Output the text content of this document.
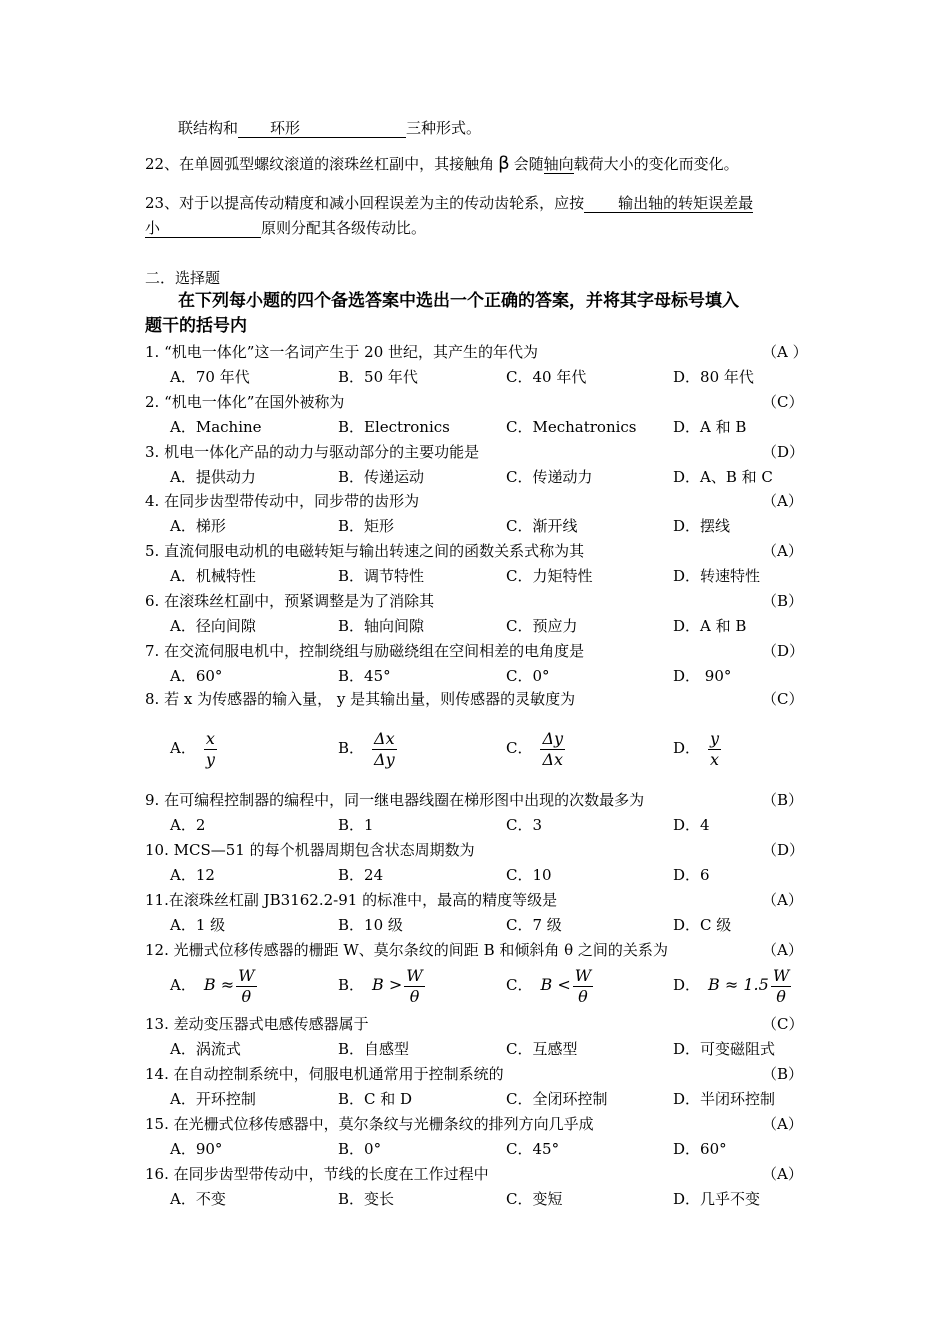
联结构和 环形	三种形式。
22、在单圆弧型螺纹滚道的滚珠丝杠副中，其接触角 β 会随轴向载荷大小的变化而变化。
23、对于以提高传动精度和减小回程误差为主的传动齿轮系，应按 输出轴的转矩误差最
小	原则分配其各级传动比。
二．选择题
在下列每小题的四个备选答案中选出一个正确的答案，并将其字母标号填入
题干的括号内
1. “机电一体化”这一名词产生于 20 世纪，其产生的年代为	（A ）
A．70 年代	B．50 年代	C．40 年代	D．80 年代
2. “机电一体化”在国外被称为	（C）
A．Machine	B．Electronics	C．Mechatronics D．A 和 B
3. 机电一体化产品的动力与驱动部分的主要功能是	（D）
A．提供动力	B．传递运动	C．传递动力	D．A、B 和 C
4. 在同步齿型带传动中，同步带的齿形为	（A）
A．梯形	B．矩形	C．渐开线	D．摆线
5. 直流伺服电动机的电磁转矩与输出转速之间的函数关系式称为其	（A）
A．机械特性	B．调节特性	C．力矩特性	D．转速特性
6. 在滚珠丝杠副中，预紧调整是为了消除其	（B）
A．径向间隙	B．轴向间隙	C．预应力	D．A 和 B
7. 在交流伺服电机中，控制绕组与励磁绕组在空间相差的电角度是	（D）
A．60°	B．45°	C．0°	D． 90°
8. 若 x 为传感器的输入量， y 是其输出量，则传感器的灵敏度为	（C）
A． $\frac{x}{y}$	B． $\frac{\Delta x}{\Delta y}$	C． $\frac{\Delta y}{\Delta x}$	D． $\frac{y}{x}$
9. 在可编程控制器的编程中，同一继电器线圈在梯形图中出现的次数最多为	（B）
A．2	B．1	C．3	D．4
10. MCS—51 的每个机器周期包含状态周期数为	（D）
A．12	B．24	C．10	D．6
11.在滚珠丝杠副 JB3162.2-91 的标准中，最高的精度等级是	（A）
A．1 级	B．10 级	C．7 级	D．C 级
12. 光栅式位移传感器的栅距 W、莫尔条纹的间距 B 和倾斜角 θ 之间的关系为	（A）
A． $B \approx \frac{W}{\theta}$	B． $B > \frac{W}{\theta}$	C． $B < \frac{W}{\theta}$	D． $B \approx 1.5 \frac{W}{\theta}$
13. 差动变压器式电感传感器属于	（C）
A．涡流式	B．自感型	C．互感型	D．可变磁阻式
14. 在自动控制系统中，伺服电机通常用于控制系统的	（B）
A．开环控制	B．C 和 D	C．全闭环控制	D．半闭环控制
15. 在光栅式位移传感器中，莫尔条纹与光栅条纹的排列方向几乎成	（A）
A．90°	B．0°	C．45°	D．60°
16. 在同步齿型带传动中，节线的长度在工作过程中	（A）
A．不变	B．变长	C．变短	D．几乎不变
